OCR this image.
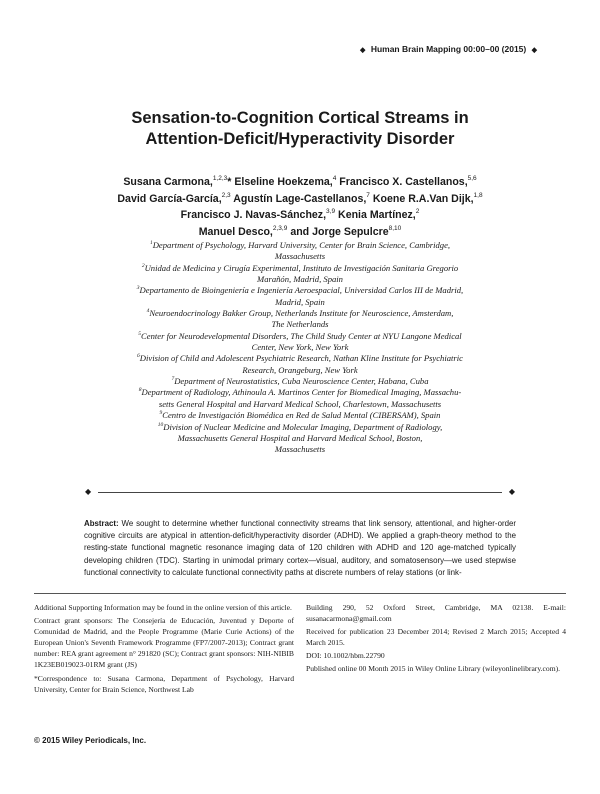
◆ Human Brain Mapping 00:00–00 (2015) ◆
Sensation-to-Cognition Cortical Streams in
Attention-Deficit/Hyperactivity Disorder
Susana Carmona,$^{1,2,3}$* Elseline Hoekzema,$^4$ Francisco X. Castellanos,$^{5,6}$
David García-García,$^{2,3}$ Agustín Lage-Castellanos,$^7$ Koene R.A.Van Dijk,$^{1,8}$
Francisco J. Navas-Sánchez,$^{3,9}$ Kenia Martínez,$^2$
Manuel Desco,$^{2,3,9}$ and Jorge Sepulcre$^{8,10}$
$^1$Department of Psychology, Harvard University, Center for Brain Science, Cambridge,
Massachusetts
$^2$Unidad de Medicina y Cirugía Experimental, Instituto de Investigación Sanitaria Gregorio
Marañón, Madrid, Spain
$^3$Departamento de Bioingeniería e Ingeniería Aeroespacial, Universidad Carlos III de Madrid,
Madrid, Spain
$^4$Neuroendocrinology Bakker Group, Netherlands Institute for Neuroscience, Amsterdam,
The Netherlands
$^5$Center for Neurodevelopmental Disorders, The Child Study Center at NYU Langone Medical
Center, New York, New York
$^6$Division of Child and Adolescent Psychiatric Research, Nathan Kline Institute for Psychiatric
Research, Orangeburg, New York
$^7$Department of Neurostatistics, Cuba Neuroscience Center, Habana, Cuba
$^8$Department of Radiology, Athinoula A. Martinos Center for Biomedical Imaging, Massachu-
setts General Hospital and Harvard Medical School, Charlestown, Massachusetts
$^9$Centro de Investigación Biomédica en Red de Salud Mental (CIBERSAM), Spain
$^{10}$Division of Nuclear Medicine and Molecular Imaging, Department of Radiology,
Massachusetts General Hospital and Harvard Medical School, Boston,
Massachusetts
◆	◆
Abstract: We sought to determine whether functional connectivity streams that link sensory, attentional, and higher-order cognitive circuits are atypical in attention-deficit/hyperactivity disorder (ADHD). We applied a graph-theory method to the resting-state functional magnetic resonance imaging data of 120 children with ADHD and 120 age-matched typically developing children (TDC). Starting in unimodal primary cortex—visual, auditory, and somatosensory—we used stepwise functional connectivity to calculate functional connectivity paths at discrete numbers of relay stations (or link-

Additional Supporting Information may be found in the online version of this article.

Contract grant sponsors: The Consejería de Educación, Juventud y Deporte of Comunidad de Madrid, and the People Programme (Marie Curie Actions) of the European Union's Seventh Framework Programme (FP7/2007-2013); Contract grant number: REA grant agreement n° 291820 (SC); Contract grant sponsors: NIH-NIBIB 1K23EB019023-01RM grant (JS)

*Correspondence to: Susana Carmona, Department of Psychology, Harvard University, Center for Brain Science, Northwest Lab

Building 290, 52 Oxford Street, Cambridge, MA 02138. E-mail: susanacarmona@gmail.com

Received for publication 23 December 2014; Revised 2 March 2015; Accepted 4 March 2015.

DOI: 10.1002/hbm.22790

Published online 00 Month 2015 in Wiley Online Library (wileyonlinelibrary.com).

© 2015 Wiley Periodicals, Inc.
